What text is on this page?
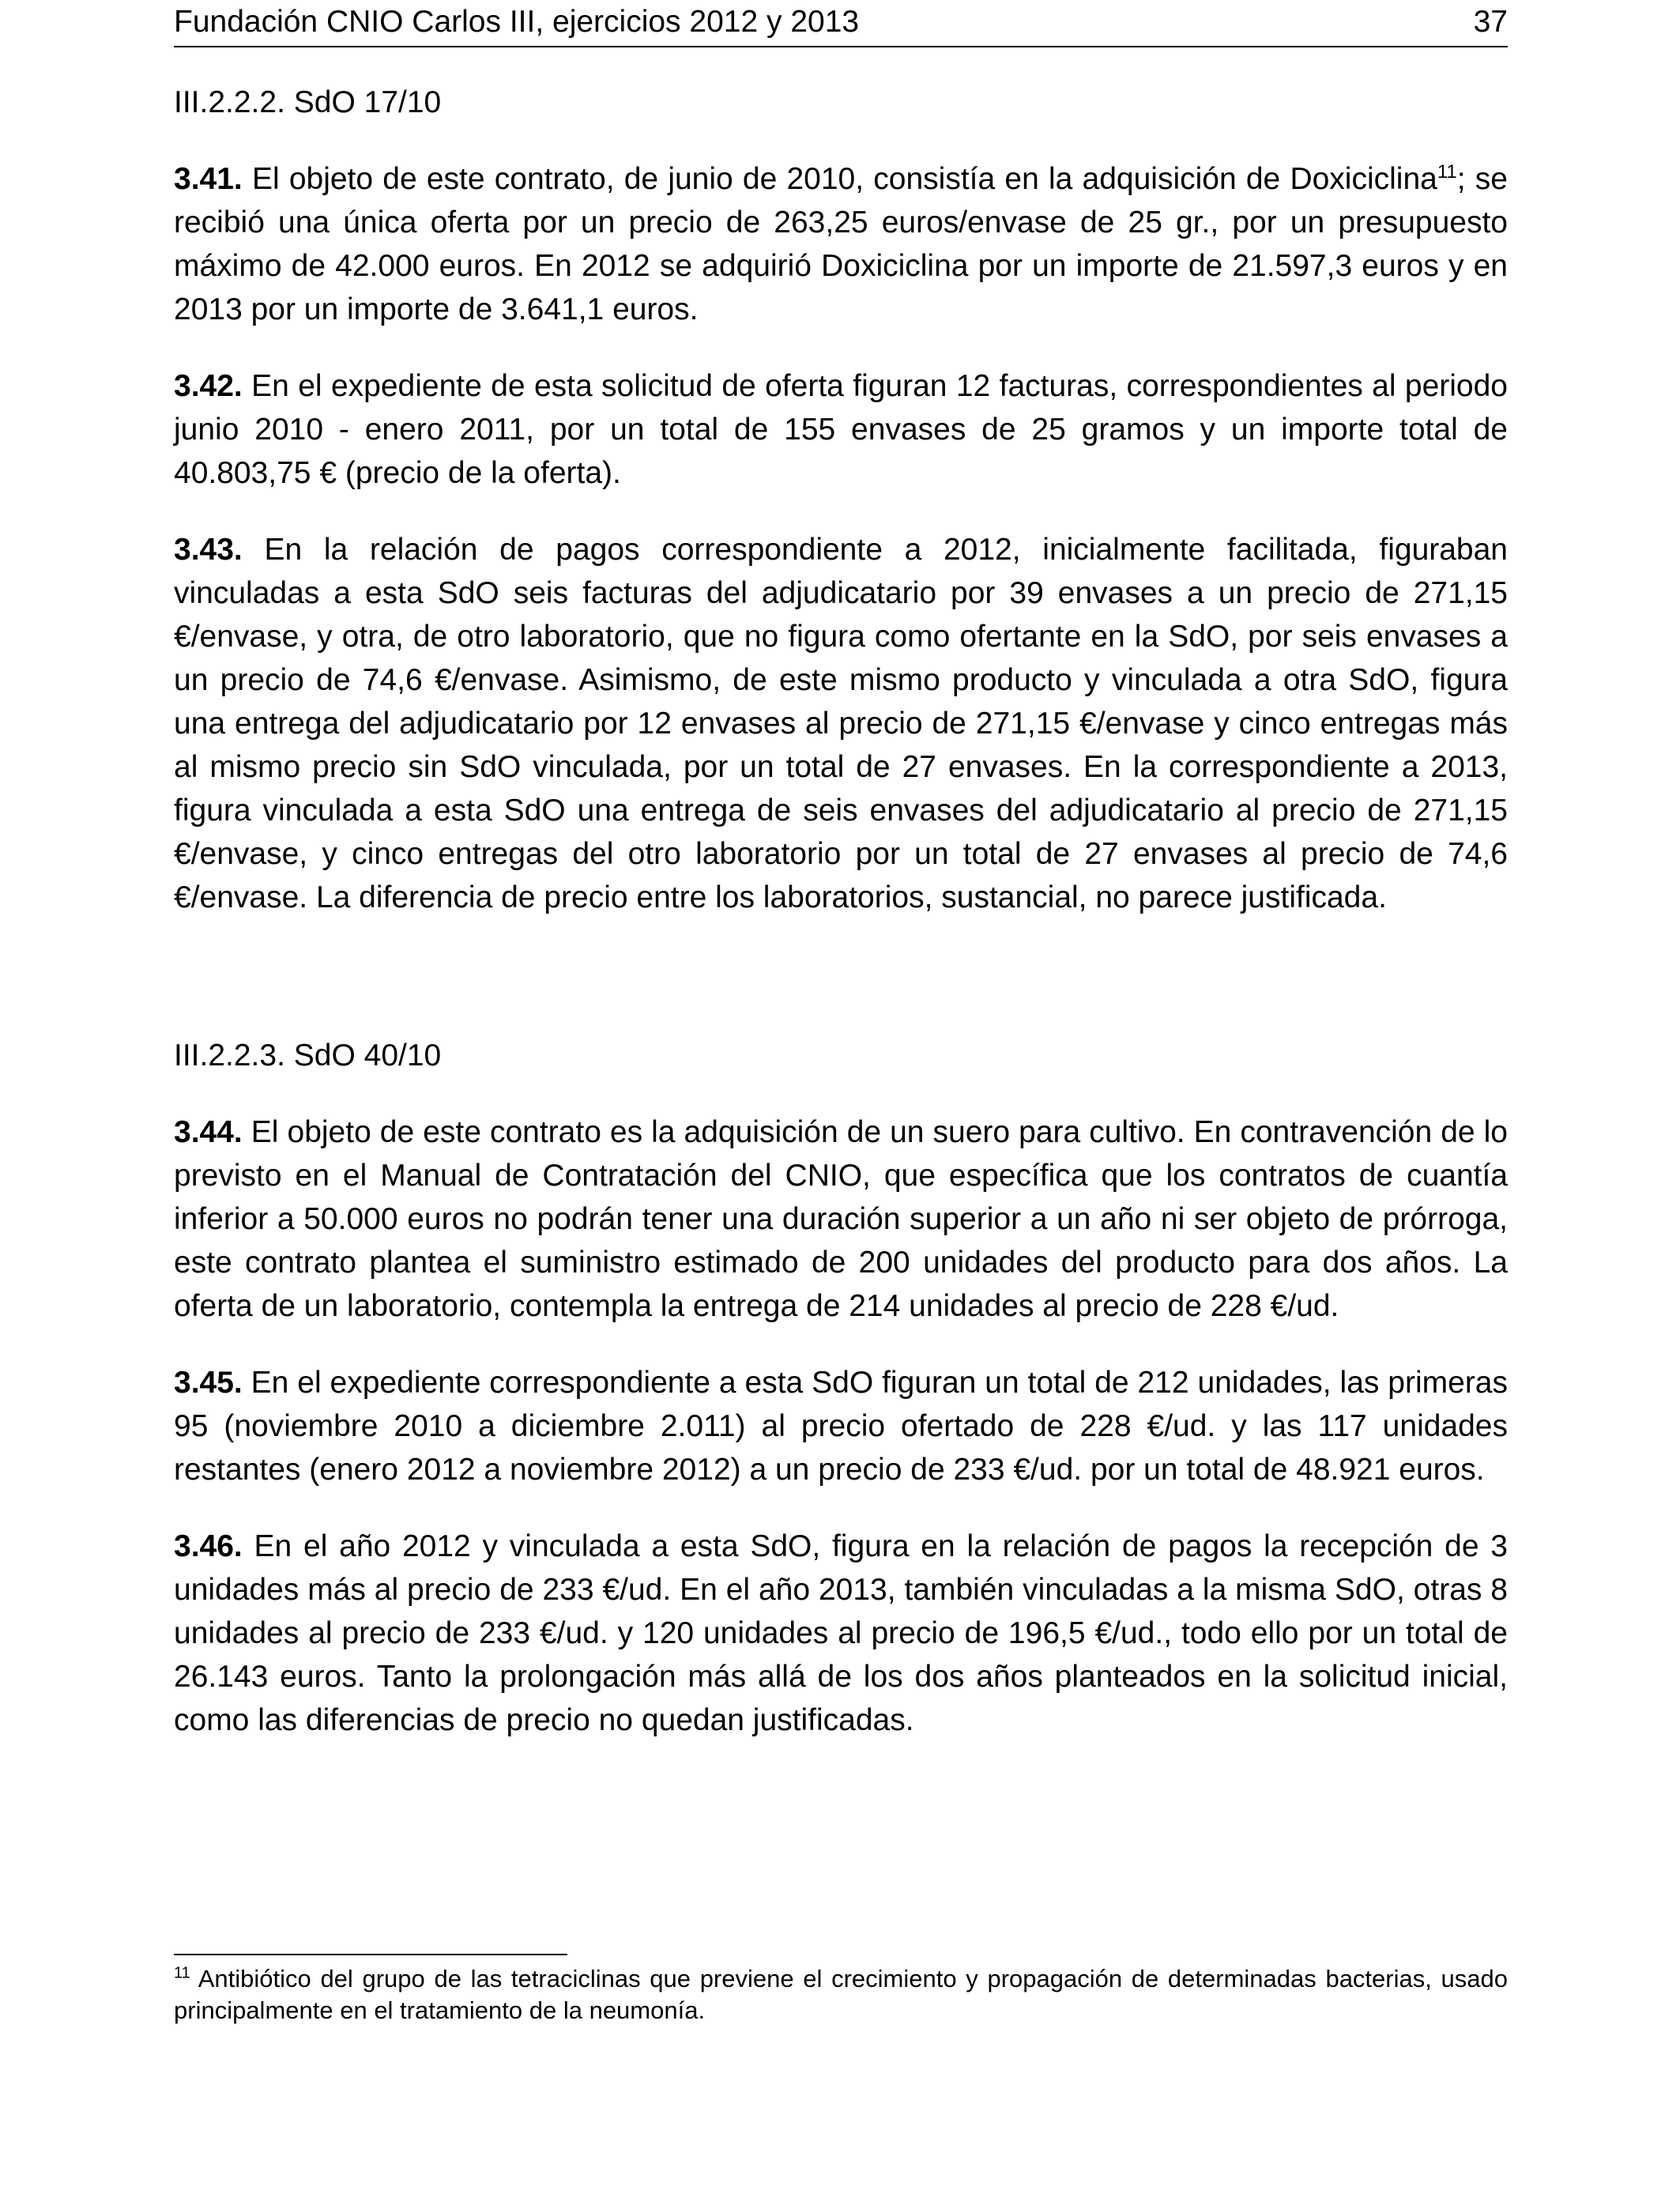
Fundación CNIO Carlos III, ejercicios 2012 y 2013	37

III.2.2.2. SdO 17/10

3.41. El objeto de este contrato, de junio de 2010, consistía en la adquisición de Doxiciclina$^{11}$; se recibió una única oferta por un precio de 263,25 euros/envase de 25 gr., por un presupuesto máximo de 42.000 euros. En 2012 se adquirió Doxiciclina por un importe de 21.597,3 euros y en 2013 por un importe de 3.641,1 euros.

3.42. En el expediente de esta solicitud de oferta figuran 12 facturas, correspondientes al periodo junio 2010 - enero 2011, por un total de 155 envases de 25 gramos y un importe total de 40.803,75 € (precio de la oferta).

3.43. En la relación de pagos correspondiente a 2012, inicialmente facilitada, figuraban vinculadas a esta SdO seis facturas del adjudicatario por 39 envases a un precio de 271,15 €/envase, y otra, de otro laboratorio, que no figura como ofertante en la SdO, por seis envases a un precio de 74,6 €/envase. Asimismo, de este mismo producto y vinculada a otra SdO, figura una entrega del adjudicatario por 12 envases al precio de 271,15 €/envase y cinco entregas más al mismo precio sin SdO vinculada, por un total de 27 envases. En la correspondiente a 2013, figura vinculada a esta SdO una entrega de seis envases del adjudicatario al precio de 271,15 €/envase, y cinco entregas del otro laboratorio por un total de 27 envases al precio de 74,6 €/envase. La diferencia de precio entre los laboratorios, sustancial, no parece justificada.

III.2.2.3. SdO 40/10

3.44. El objeto de este contrato es la adquisición de un suero para cultivo. En contravención de lo previsto en el Manual de Contratación del CNIO, que específica que los contratos de cuantía inferior a 50.000 euros no podrán tener una duración superior a un año ni ser objeto de prórroga, este contrato plantea el suministro estimado de 200 unidades del producto para dos años. La oferta de un laboratorio, contempla la entrega de 214 unidades al precio de 228 €/ud.

3.45. En el expediente correspondiente a esta SdO figuran un total de 212 unidades, las primeras 95 (noviembre 2010 a diciembre 2.011) al precio ofertado de 228 €/ud. y las 117 unidades restantes (enero 2012 a noviembre 2012) a un precio de 233 €/ud. por un total de 48.921 euros.

3.46. En el año 2012 y vinculada a esta SdO, figura en la relación de pagos la recepción de 3 unidades más al precio de 233 €/ud. En el año 2013, también vinculadas a la misma SdO, otras 8 unidades al precio de 233 €/ud. y 120 unidades al precio de 196,5 €/ud., todo ello por un total de 26.143 euros. Tanto la prolongación más allá de los dos años planteados en la solicitud inicial, como las diferencias de precio no quedan justificadas.

$^{11}$ Antibiótico del grupo de las tetraciclinas que previene el crecimiento y propagación de determinadas bacterias, usado principalmente en el tratamiento de la neumonía.
